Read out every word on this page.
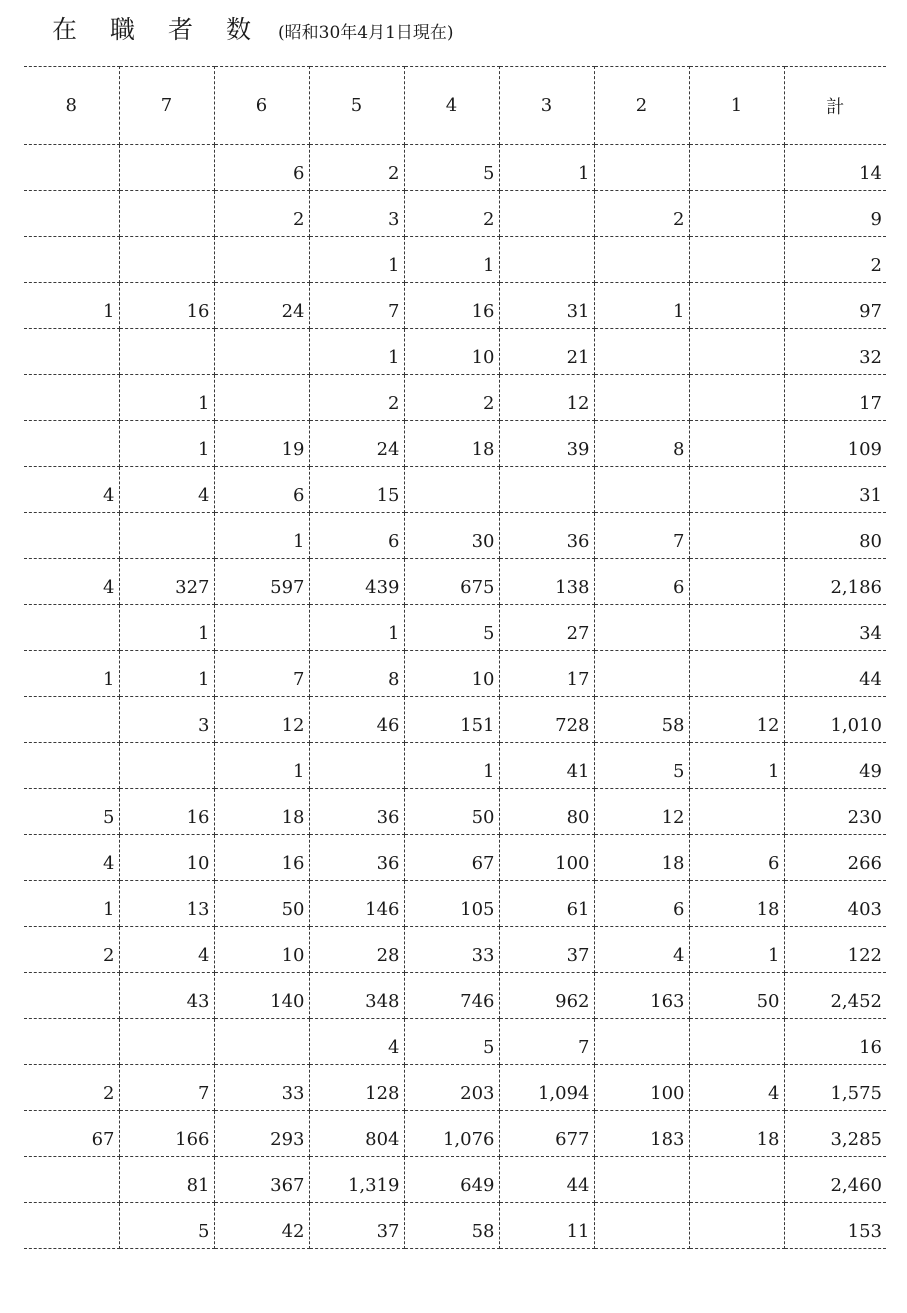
在職者数
(昭和30年4月1日現在)
8	7	6	5	4	3	2	1	計
		6	2	5	1			14
		2	3	2		2		9
			1	1				2
1	16	24	7	16	31	1		97
			1	10	21			32
	1		2	2	12			17
	1	19	24	18	39	8		109
4	4	6	15					31
		1	6	30	36	7		80
4	327	597	439	675	138	6		2,186
	1		1	5	27			34
1	1	7	8	10	17			44
	3	12	46	151	728	58	12	1,010
		1		1	41	5	1	49
5	16	18	36	50	80	12		230
4	10	16	36	67	100	18	6	266
1	13	50	146	105	61	6	18	403
2	4	10	28	33	37	4	1	122
	43	140	348	746	962	163	50	2,452
			4	5	7			16
2	7	33	128	203	1,094	100	4	1,575
67	166	293	804	1,076	677	183	18	3,285
	81	367	1,319	649	44			2,460
	5	42	37	58	11			153
